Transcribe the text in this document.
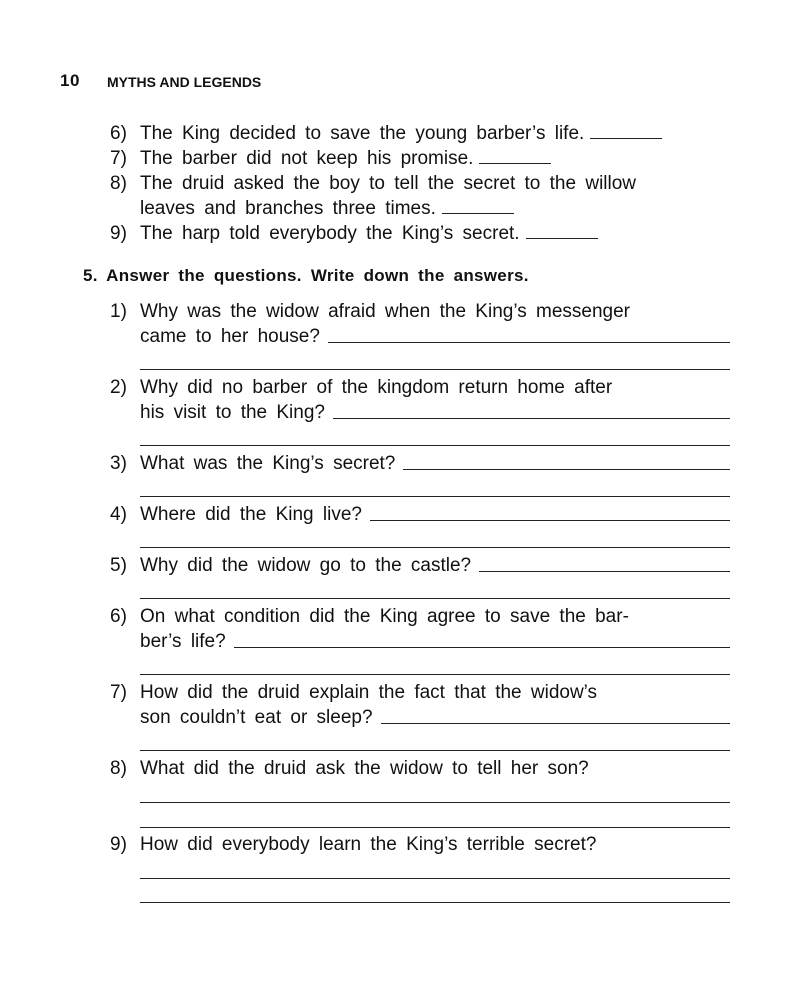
10 MYTHS AND LEGENDS
6) The King decided to save the young barber’s life.
7) The barber did not keep his promise.
8) The druid asked the boy to tell the secret to the willow
leaves and branches three times.
9) The harp told everybody the King’s secret.
5. Answer the questions. Write down the answers.
1) Why was the widow afraid when the King’s messenger
came to her house?
2) Why did no barber of the kingdom return home after
his visit to the King?
3) What was the King’s secret?
4) Where did the King live?
5) Why did the widow go to the castle?
6) On what condition did the King agree to save the bar-
ber’s life?
7) How did the druid explain the fact that the widow’s
son couldn’t eat or sleep?
8) What did the druid ask the widow to tell her son?
9) How did everybody learn the King’s terrible secret?
